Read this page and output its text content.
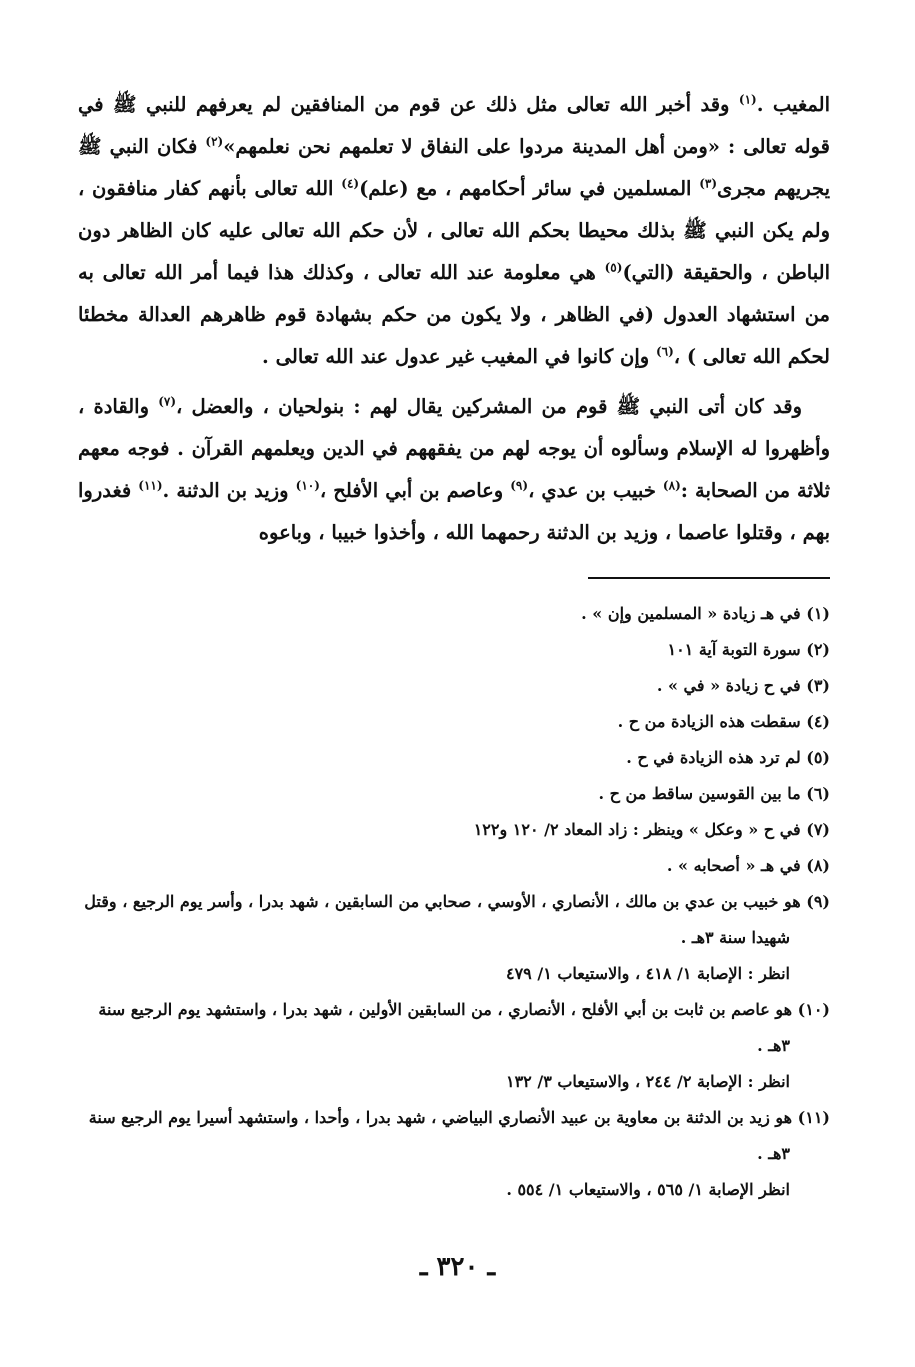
المغيب .$^{(١)}$ وقد أخبر الله تعالى مثل ذلك عن قوم من المنافقين لم يعرفهم للنبي ﷺ في قوله تعالى : «ومن أهل المدينة مردوا على النفاق لا تعلمهم نحن نعلمهم»$^{(٢)}$ فكان النبي ﷺ يجريهم مجرى$^{(٣)}$ المسلمين في سائر أحكامهم ، مع (علم)$^{(٤)}$ الله تعالى بأنهم كفار منافقون ، ولم يكن النبي ﷺ بذلك محيطا بحكم الله تعالى ، لأن حكم الله تعالى عليه كان الظاهر دون الباطن ، والحقيقة (التي)$^{(٥)}$ هي معلومة عند الله تعالى ، وكذلك هذا فيما أمر الله تعالى به من استشهاد العدول (في الظاهر ، ولا يكون من حكم بشهادة قوم ظاهرهم العدالة مخطئا لحكم الله تعالى ) ،$^{(٦)}$ وإن كانوا في المغيب غير عدول عند الله تعالى .

وقد كان أتى النبي ﷺ قوم من المشركين يقال لهم : بنولحيان ، والعضل ،$^{(٧)}$ والقادة ، وأظهروا له الإسلام وسألوه أن يوجه لهم من يفقههم في الدين ويعلمهم القرآن . فوجه معهم ثلاثة من الصحابة :$^{(٨)}$ خبيب بن عدي ،$^{(٩)}$ وعاصم بن أبي الأفلح ،$^{(١٠)}$ وزيد بن الدثنة .$^{(١١)}$ فغدروا بهم ، وقتلوا عاصما ، وزيد بن الدثنة رحمهما الله ، وأخذوا خبيبا ، وباعوه

(١) في هـ زيادة « المسلمين وإن » .

(٢) سورة التوبة آية ١٠١

(٣) في ح زيادة « في » .

(٤) سقطت هذه الزيادة من ح .

(٥) لم ترد هذه الزيادة في ح .

(٦) ما بين القوسين ساقط من ح .

(٧) في ح « وعكل » وينظر : زاد المعاد ٢/ ١٢٠ و١٢٢

(٨) في هـ « أصحابه » .

(٩) هو خبيب بن عدي بن مالك ، الأنصاري ، الأوسي ، صحابي من السابقين ، شهد بدرا ، وأسر يوم الرجيع ، وقتل شهيدا سنة ٣هـ .

انظر : الإصابة ١/ ٤١٨ ، والاستيعاب ١/ ٤٧٩

(١٠) هو عاصم بن ثابت بن أبي الأفلح ، الأنصاري ، من السابقين الأولين ، شهد بدرا ، واستشهد يوم الرجيع سنة ٣هـ .

انظر : الإصابة ٢/ ٢٤٤ ، والاستيعاب ٣/ ١٣٢

(١١) هو زيد بن الدثنة بن معاوية بن عبيد الأنصاري البياضي ، شهد بدرا ، وأحدا ، واستشهد أسيرا يوم الرجيع سنة ٣هـ .

انظر الإصابة ١/ ٥٦٥ ، والاستيعاب ١/ ٥٥٤ .

ـ ٣٢٠ ـ
